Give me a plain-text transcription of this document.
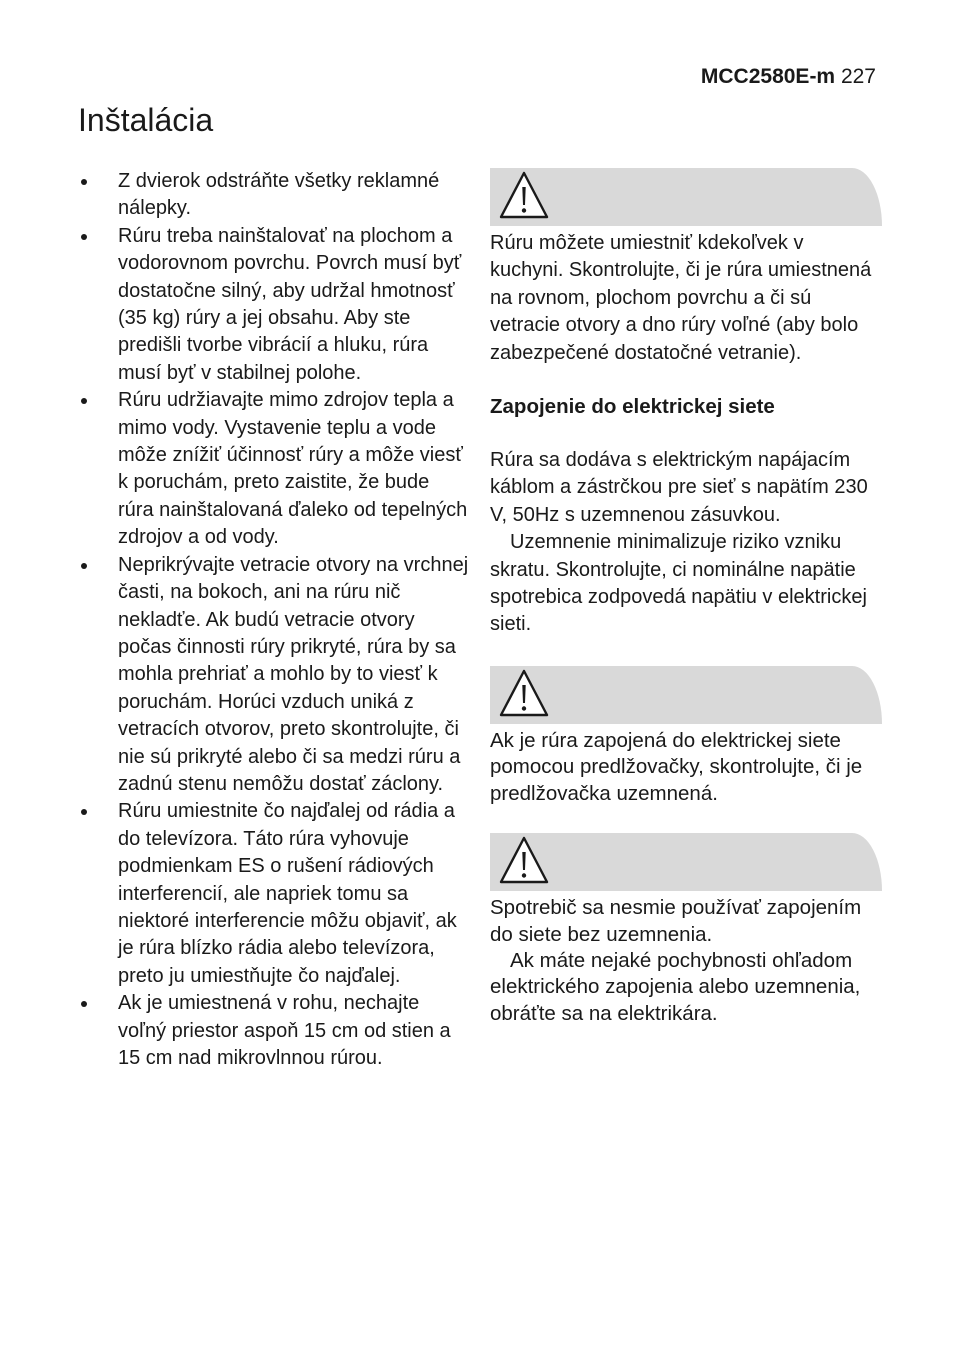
MCC2580E-m 227
Inštalácia
Z dvierok odstráňte všetky reklamné nálepky.
Rúru treba nainštalovať na plochom a vodorovnom povrchu. Povrch musí byť dostatočne silný, aby udržal hmotnosť (35 kg) rúry a jej obsahu. Aby ste predišli tvorbe vibrácií a hluku, rúra musí byť v stabilnej polohe.
Rúru udržiavajte mimo zdrojov tepla a mimo vody. Vystavenie teplu a vode môže znížiť účinnosť rúry a môže viesť k poruchám, preto zaistite, že bude rúra nainštalovaná ďaleko od tepelných zdrojov a od vody.
Neprikrývajte vetracie otvory na vrchnej časti, na bokoch, ani na rúru nič nekladťe. Ak budú vetracie otvory počas činnosti rúry prikryté, rúra by sa mohla prehriať a mohlo by to viesť k poruchám. Horúci vzduch uniká z vetracích otvorov, preto skontrolujte, či nie sú prikryté alebo či sa medzi rúru a zadnú stenu nemôžu dostať záclony.
Rúru umiestnite čo najďalej od rádia a do televízora. Táto rúra vyhovuje podmienkam ES o rušení rádiových interferencií, ale napriek tomu sa niektoré interferencie môžu objaviť, ak je rúra blízko rádia alebo televízora, preto ju umiestňujte čo najďalej.
Ak je umiestnená v rohu, nechajte voľný priestor aspoň 15 cm od stien a 15 cm nad mikrovlnnou rúrou.

Rúru môžete umiestniť kdekoľvek v kuchyni. Skontrolujte, či je rúra umiestnená na rovnom, plochom povrchu a či sú vetracie otvory a dno rúry voľné (aby bolo zabezpečené dostatočné vetranie).

Zapojenie do elektrickej siete

Rúra sa dodáva s elektrickým napájacím káblom a zástrčkou pre sieť s napätím 230 V, 50Hz s uzemnenou zásuvkou.

Uzemnenie minimalizuje riziko vzniku skratu. Skontrolujte, ci nominálne napätie spotrebica zodpovedá napätiu v elektrickej sieti.

Ak je rúra zapojená do elektrickej siete pomocou predlžovačky, skontrolujte, či je predlžovačka uzemnená.

Spotrebič sa nesmie používať zapojením do siete bez uzemnenia.

Ak máte nejaké pochybnosti ohľadom elektrického zapojenia alebo uzemnenia, obráťte sa na elektrikára.
